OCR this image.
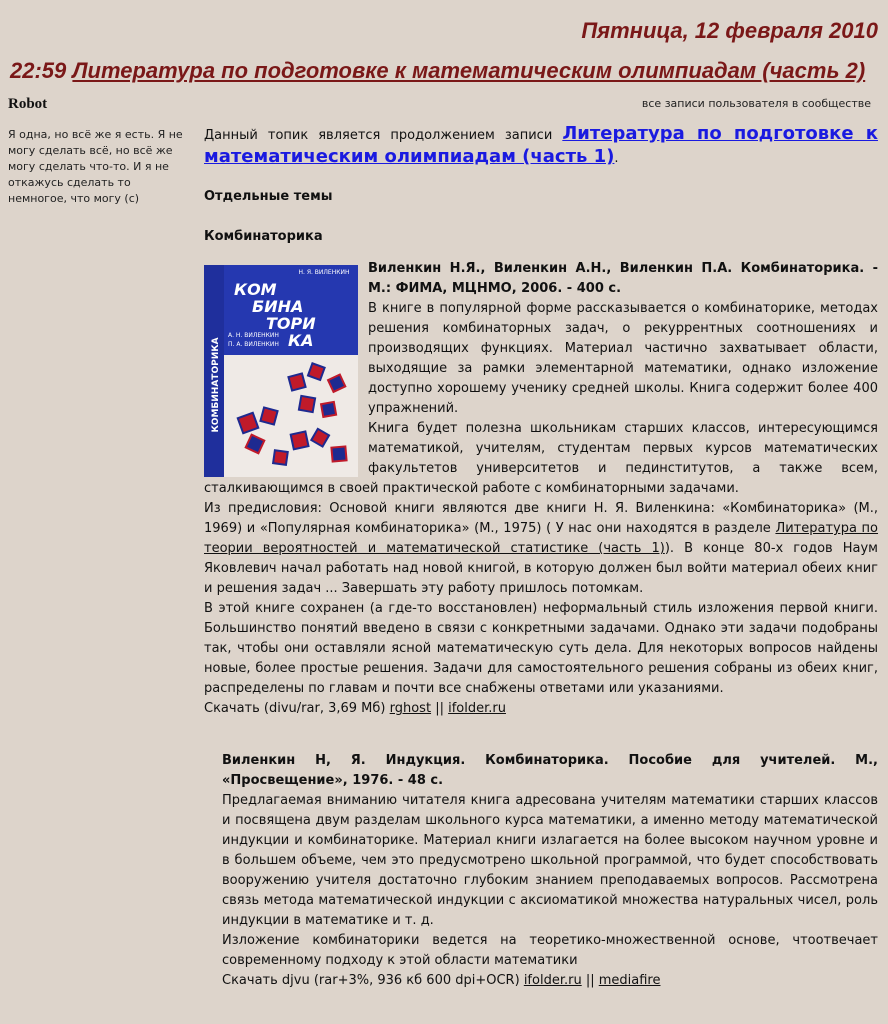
Пятница, 12 февраля 2010
22:59 Литература по подготовке к математическим олимпиадам (часть 2)

Robot

Я одна, но всё же я есть. Я не могу сделать всё, но всё же могу сделать что-то. И я не откажусь сделать то немногое, что могу (с)

все записи пользователя в сообществе

Данный топик является продолжением записи Литература по подготовке к математическим олимпиадам (часть 1).

Отдельные темы

Комбинаторика

Н. Я. ВИЛЕНКИН
КОМ
БИНА
ТОРИ
КА
А. Н. ВИЛЕНКИН
П. А. ВИЛЕНКИН
КОМБИНАТОРИКА

Виленкин Н.Я., Виленкин А.Н., Виленкин П.А. Комбинаторика. - М.: ФИМА, МЦНМО, 2006. - 400 с.

В книге в популярной форме рассказывается о комбинаторике, методах решения комбинаторных задач, о рекуррентных соотношениях и производящих функциях. Материал частично захватывает области, выходящие за рамки элементарной математики, однако изложение доступно хорошему ученику средней школы. Книга содержит более 400 упражнений.

Книга будет полезна школьникам старших классов, интересующимся математикой, учителям, студентам первых курсов математических факультетов университетов и пединститутов, а также всем, сталкивающимся в своей практической работе с комбинаторными задачами.

Из предисловия: Основой книги являются две книги Н. Я. Виленкина: «Комбинаторика» (М., 1969) и «Популярная комбинаторика» (М., 1975) ( У нас они находятся в разделе Литература по теории вероятностей и математической статистике (часть 1)). В конце 80-х годов Наум Яковлевич начал работать над новой книгой, в которую должен был войти материал обеих книг и решения задач ... Завершать эту работу пришлось потомкам.

В этой книге сохранен (а где-то восстановлен) неформальный стиль изложения первой книги. Большинство понятий введено в связи с конкретными задачами. Однако эти задачи подобраны так, чтобы они оставляли ясной математическую суть дела. Для некоторых вопросов найдены новые, более простые решения. Задачи для самостоятельного решения собраны из обеих книг, распределены по главам и почти все снабжены ответами или указаниями.

Скачать (divu/rar, 3,69 Мб) rghost || ifolder.ru

Виленкин Н, Я. Индукция. Комбинаторика. Пособие для учителей. М., «Просвещение», 1976. - 48 с.

Предлагаемая вниманию читателя книга адресована учителям математики старших классов и посвящена двум разделам школьного курса математики, а именно методу математической индукции и комбинаторике. Материал книги излагается на более высоком научном уровне и в большем объеме, чем это предусмотрено школьной программой, что будет способствовать вооружению учителя достаточно глубоким знанием преподаваемых вопросов. Рассмотрена связь метода математической индукции с аксиоматикой множества натуральных чисел, роль индукции в математике и т. д.

Изложение комбинаторики ведется на теоретико-множественной основе, чтоотвечает современному подходу к этой области математики

Скачать djvu (rar+3%, 936 кб 600 dpi+OCR) ifolder.ru || mediafire
